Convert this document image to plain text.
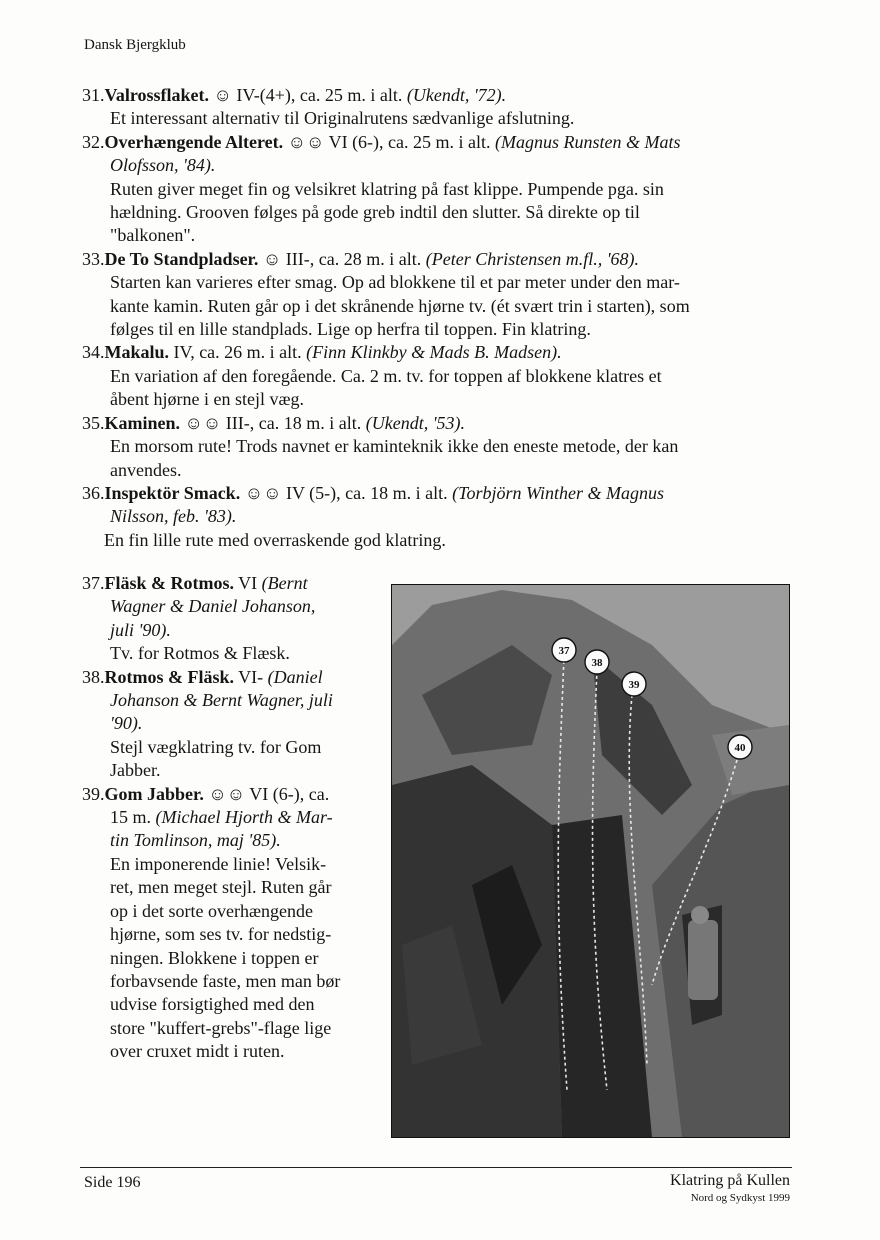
Dansk Bjergklub
31.Valrossflaket. ☺ IV-(4+), ca. 25 m. i alt. (Ukendt, '72).
Et interessant alternativ til Originalrutens sædvanlige afslutning.
32.Overhængende Alteret. ☺☺ VI (6-), ca. 25 m. i alt. (Magnus Runsten & Mats
Olofsson, '84).
Ruten giver meget fin og velsikret klatring på fast klippe. Pumpende pga. sin
hældning. Grooven følges på gode greb indtil den slutter. Så direkte op til
"balkonen".
33.De To Standpladser. ☺ III-, ca. 28 m. i alt. (Peter Christensen m.fl., '68).
Starten kan varieres efter smag. Op ad blokkene til et par meter under den mar-
kante kamin. Ruten går op i det skrånende hjørne tv. (ét svært trin i starten), som
følges til en lille standplads. Lige op herfra til toppen. Fin klatring.
34.Makalu. IV, ca. 26 m. i alt. (Finn Klinkby & Mads B. Madsen).
En variation af den foregående. Ca. 2 m. tv. for toppen af blokkene klatres et
åbent hjørne i en stejl væg.
35.Kaminen. ☺☺ III-, ca. 18 m. i alt. (Ukendt, '53).
En morsom rute! Trods navnet er kaminteknik ikke den eneste metode, der kan
anvendes.
36.Inspektör Smack. ☺☺ IV (5-), ca. 18 m. i alt. (Torbjörn Winther & Magnus
Nilsson, feb. '83).
En fin lille rute med overraskende god klatring.
37.Fläsk & Rotmos. VI (Bernt
Wagner & Daniel Johanson,
juli '90).
Tv. for Rotmos & Flæsk.
38.Rotmos & Fläsk. VI- (Daniel
Johanson & Bernt Wagner, juli
'90).
Stejl vægklatring tv. for Gom
Jabber.
39.Gom Jabber. ☺☺ VI (6-), ca.
15 m. (Michael Hjorth & Mar-
tin Tomlinson, maj '85).
En imponerende linie! Velsik-
ret, men meget stejl. Ruten går
op i det sorte overhængende
hjørne, som ses tv. for nedstig-
ningen. Blokkene i toppen er
forbavsende faste, men man bør
udvise forsigtighed med den
store "kuffert-grebs"-flage lige
over cruxet midt i ruten.
37
38
39
40
Side 196	Klatring på Kullen
Nord og Sydkyst 1999
